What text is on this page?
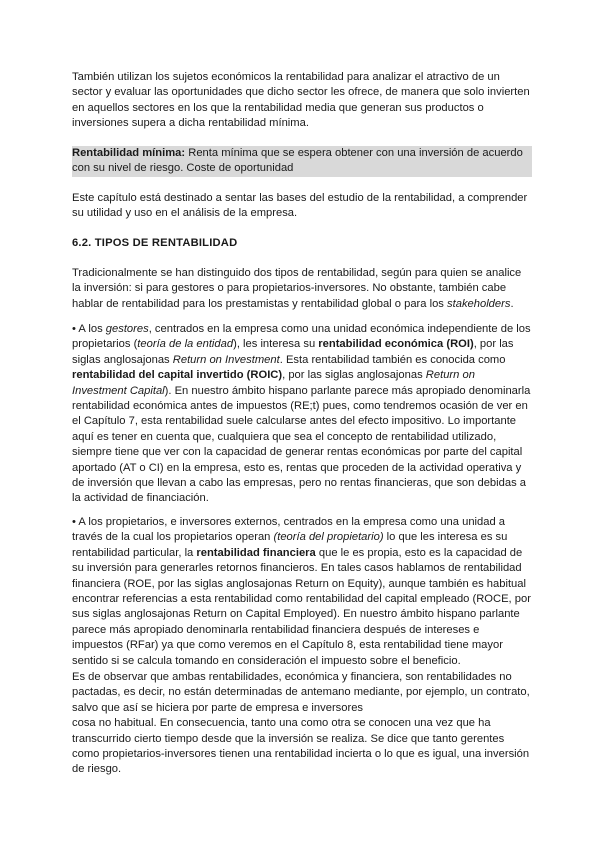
También utilizan los sujetos económicos la rentabilidad para analizar el atractivo de un sector y evaluar las oportunidades que dicho sector les ofrece, de manera que solo invierten en aquellos sectores en los que la rentabilidad media que generan sus productos o inversiones supera a dicha rentabilidad mínima.

Rentabilidad mínima: Renta mínima que se espera obtener con una inversión de acuerdo con su nivel de riesgo. Coste de oportunidad

Este capítulo está destinado a sentar las bases del estudio de la rentabilidad, a comprender su utilidad y uso en el análisis de la empresa.

6.2. TIPOS DE RENTABILIDAD

Tradicionalmente se han distinguido dos tipos de rentabilidad, según para quien se analice la inversión: si para gestores o para propietarios-inversores. No obstante, también cabe hablar de rentabilidad para los prestamistas y rentabilidad global o para los stakeholders.

• A los gestores, centrados en la empresa como una unidad económica independiente de los propietarios (teoría de la entidad), les interesa su rentabilidad económica (ROI), por las siglas anglosajonas Return on Investment. Esta rentabilidad también es conocida como rentabilidad del capital invertido (ROIC), por las siglas anglosajonas Return on Investment Capital). En nuestro ámbito hispano parlante parece más apropiado denominarla rentabilidad económica antes de impuestos (RE;t) pues, como tendremos ocasión de ver en el Capítulo 7, esta rentabilidad suele calcularse antes del efecto impositivo. Lo importante aquí es tener en cuenta que, cualquiera que sea el concepto de rentabilidad utilizado, siempre tiene que ver con la capacidad de generar rentas económicas por parte del capital aportado (AT o CI) en la empresa, esto es, rentas que proceden de la actividad operativa y de inversión que llevan a cabo las empresas, pero no rentas financieras, que son debidas a la actividad de financiación.

• A los propietarios, e inversores externos, centrados en la empresa como una unidad a través de la cual los propietarios operan (teoría del propietario) lo que les interesa es su rentabilidad particular, la rentabilidad financiera que le es propia, esto es la capacidad de su inversión para generarles retornos financieros. En tales casos hablamos de rentabilidad financiera (ROE, por las siglas anglosajonas Return on Equity), aunque también es habitual encontrar referencias a esta rentabilidad como rentabilidad del capital empleado (ROCE, por sus siglas anglosajonas Return on Capital Employed). En nuestro ámbito hispano parlante parece más apropiado denominarla rentabilidad financiera después de intereses e impuestos (RFar) ya que como veremos en el Capítulo 8, esta rentabilidad tiene mayor sentido si se calcula tomando en consideración el impuesto sobre el beneficio.

Es de observar que ambas rentabilidades, económica y financiera, son rentabilidades no pactadas, es decir, no están determinadas de antemano mediante, por ejemplo, un contrato, salvo que así se hiciera por parte de empresa e inversores
cosa no habitual. En consecuencia, tanto una como otra se conocen una vez que ha transcurrido cierto tiempo desde que la inversión se realiza. Se dice que tanto gerentes como propietarios-inversores tienen una rentabilidad incierta o lo que es igual, una inversión de riesgo.
